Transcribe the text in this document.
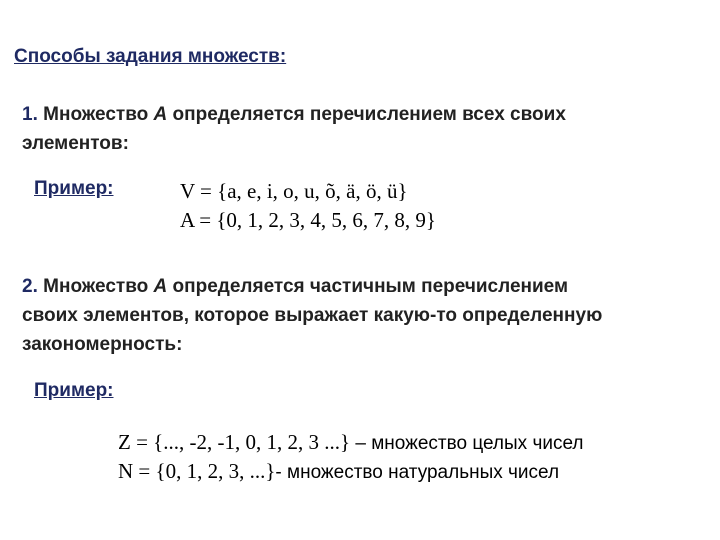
Способы задания множеств:
1. Множество A определяется перечислением всех своих
элементов:
Пример:	V = {a, e, i, o, u, õ, ä, ö, ü}
A = {0, 1, 2, 3, 4, 5, 6, 7, 8, 9}
2. Множество A определяется частичным перечислением
своих элементов, которое выражает какую-то определенную
закономерность:
Пример:
Z = {..., -2, -1, 0, 1, 2, 3 ...} – множество целых чисел
N = {0, 1, 2, 3, ...}- множество натуральных чисел
